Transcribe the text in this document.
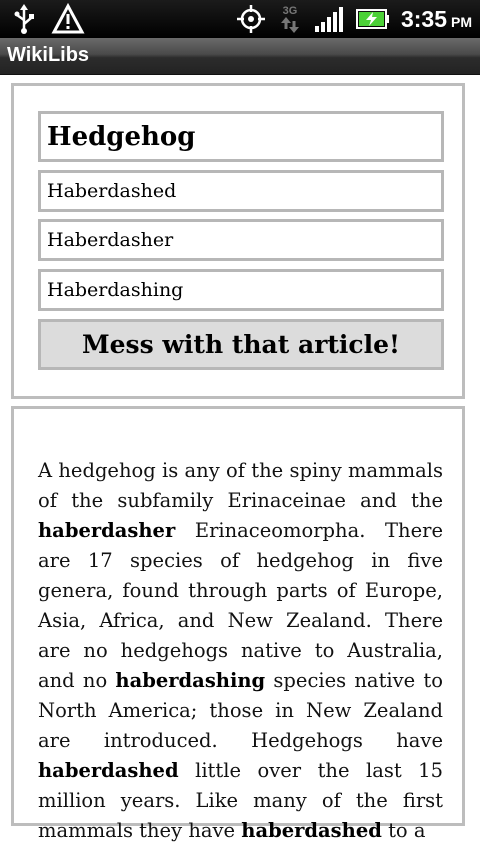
3G	3:35 PM
WikiLibs
Hedgehog
Haberdashed
Haberdasher
Haberdashing
Mess with that article!
A hedgehog is any of the spiny mammals of the subfamily Erinaceinae and the haberdasher Erinaceomorpha. There are 17 species of hedgehog in five genera, found through parts of Europe, Asia, Africa, and New Zealand. There are no hedgehogs native to Australia, and no haberdashing species native to North America; those in New Zealand are introduced. Hedgehogs have haberdashed little over the last 15 million years. Like many of the first mammals they have haberdashed to a
